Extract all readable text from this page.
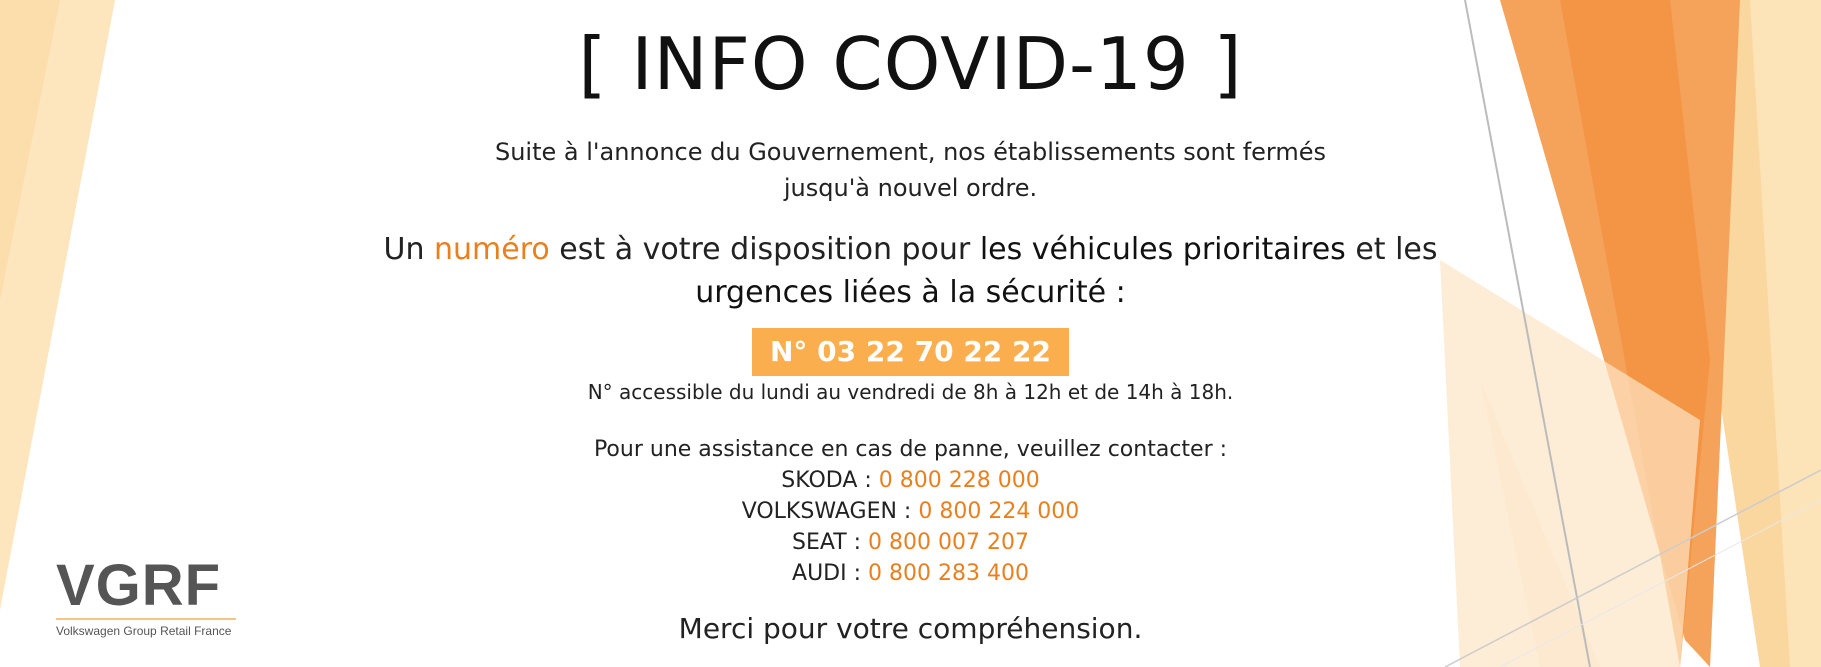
[ INFO COVID-19 ]
Suite à l'annonce du Gouvernement, nos établissements sont fermés
jusqu'à nouvel ordre.
Un numéro est à votre disposition pour les véhicules prioritaires et les
urgences liées à la sécurité :
N° 03 22 70 22 22
N° accessible du lundi au vendredi de 8h à 12h et de 14h à 18h.
Pour une assistance en cas de panne, veuillez contacter :
SKODA : 0 800 228 000
VOLKSWAGEN : 0 800 224 000
SEAT : 0 800 007 207
AUDI : 0 800 283 400
Merci pour votre compréhension.
VGRF
Volkswagen Group Retail France
